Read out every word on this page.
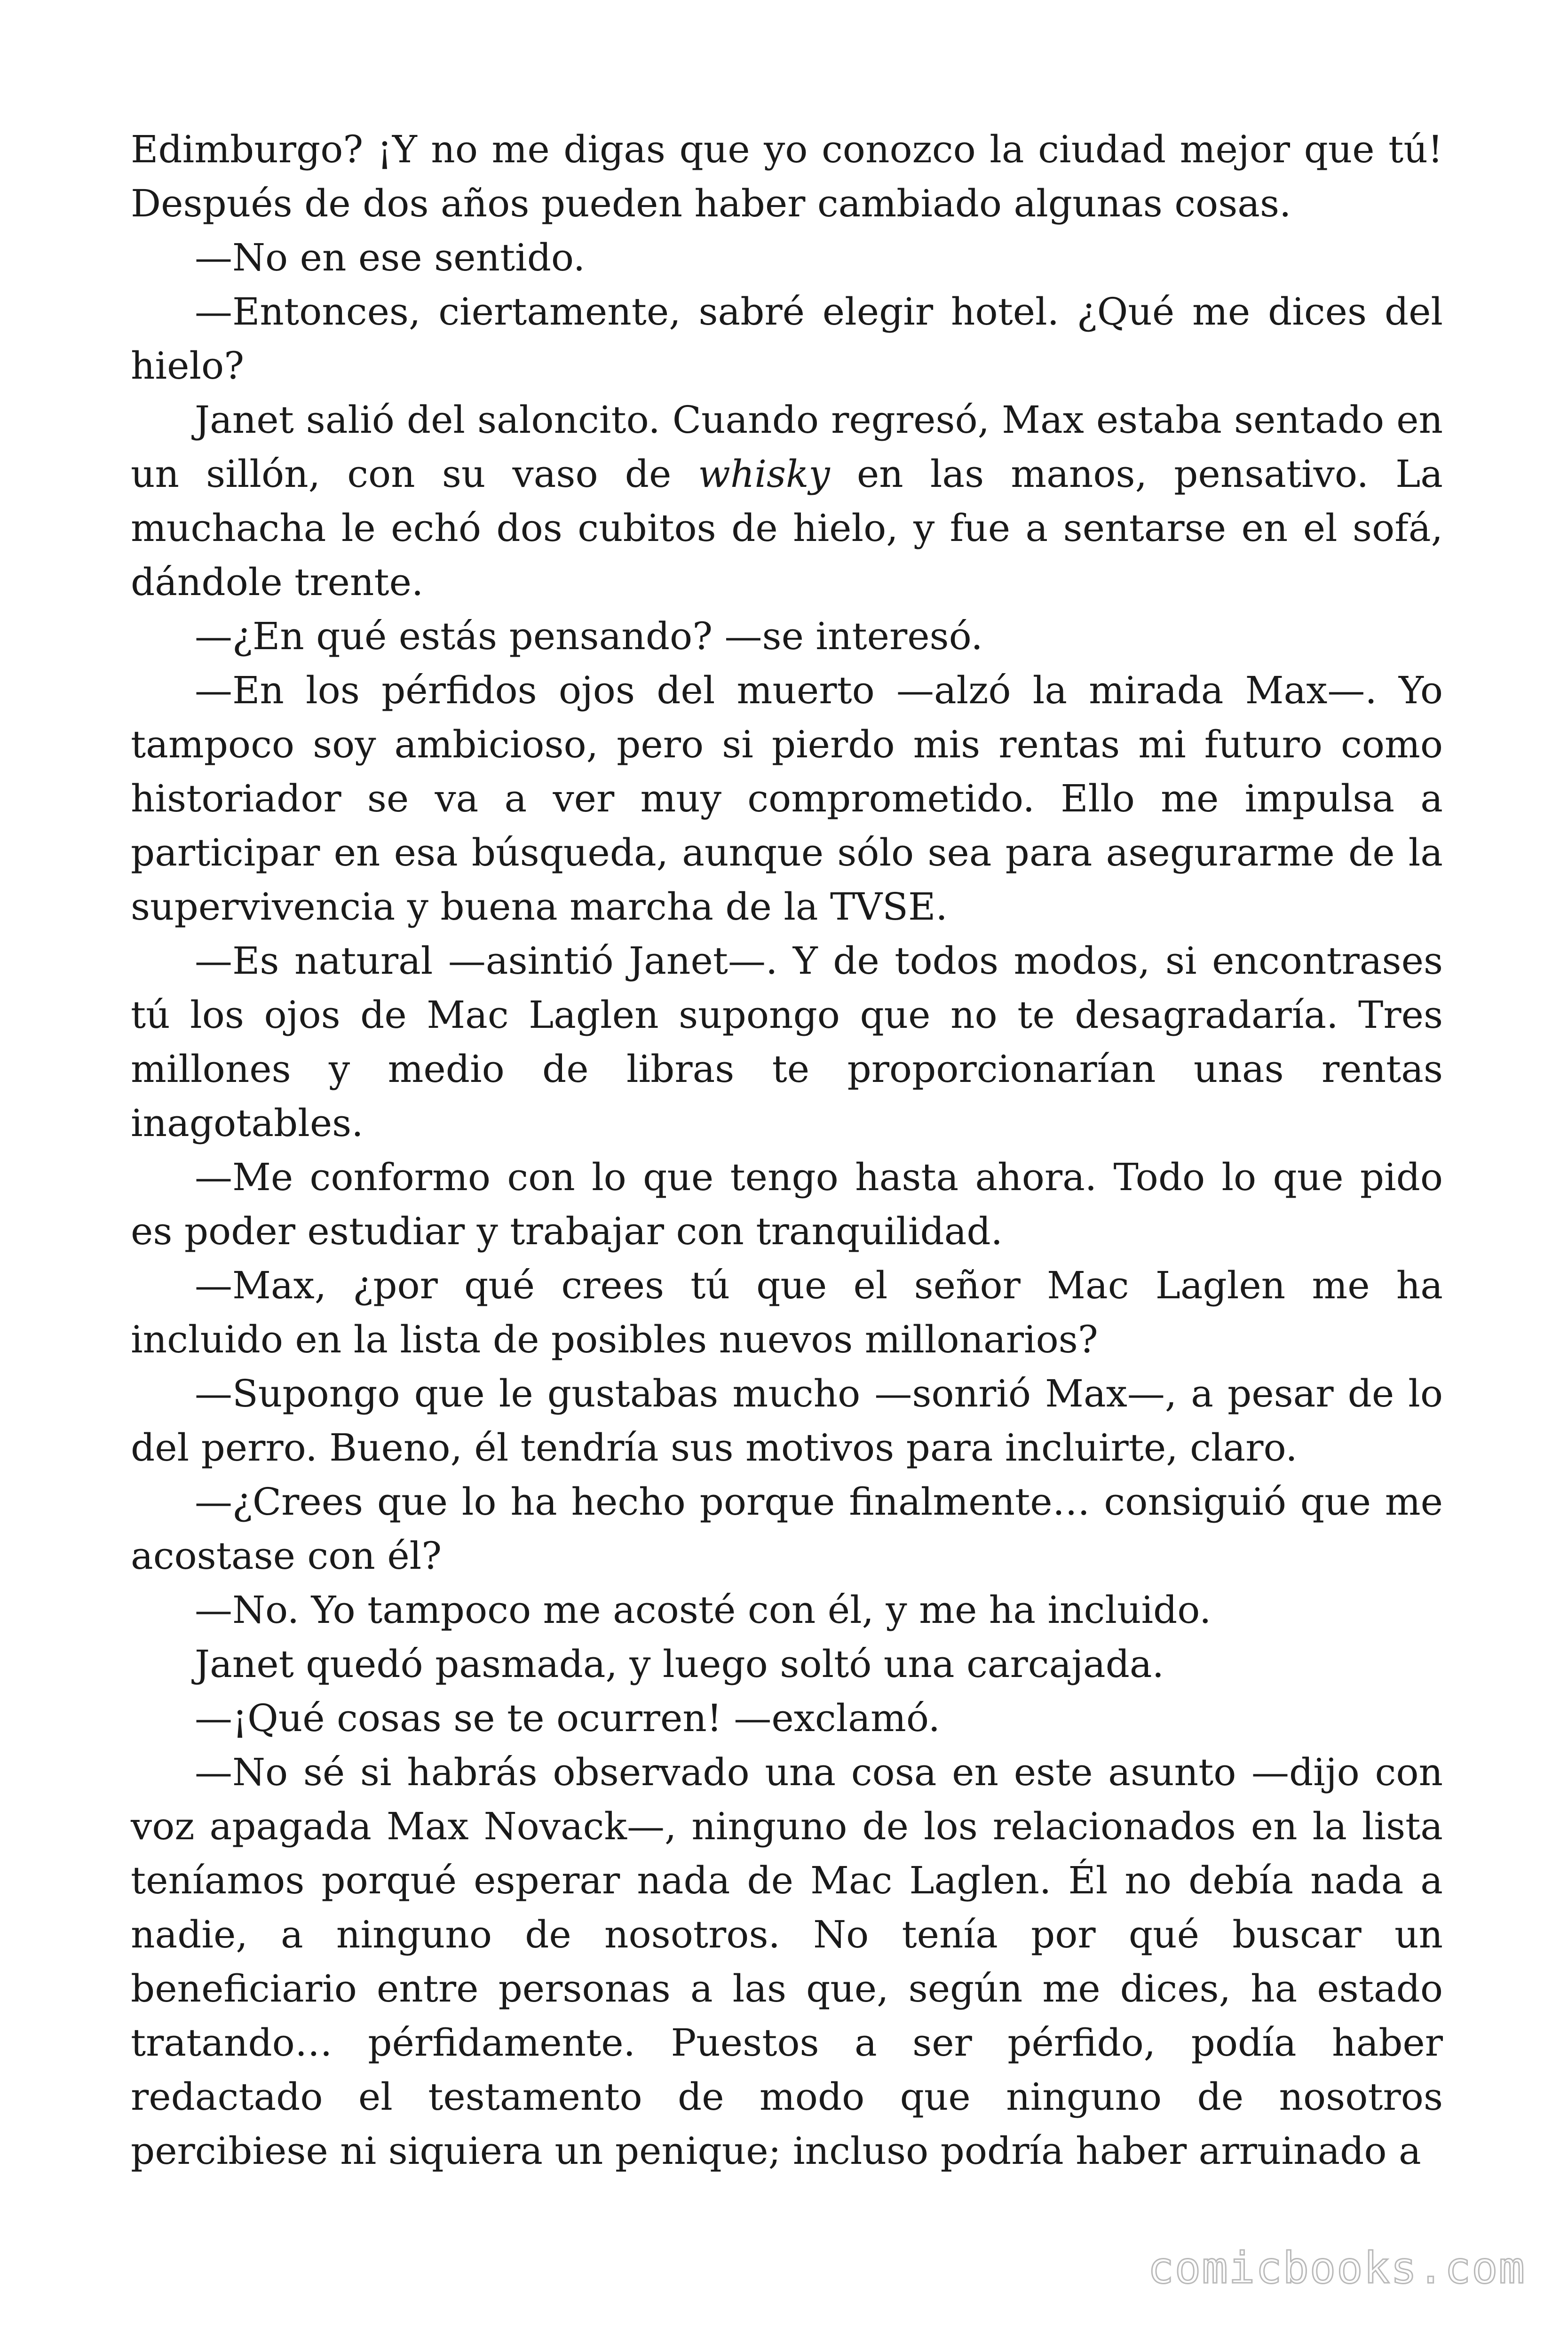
Edimburgo? ¡Y no me digas que yo conozco la ciudad mejor que tú! Después de dos años pueden haber cambiado algunas cosas.

—No en ese sentido.

—Entonces, ciertamente, sabré elegir hotel. ¿Qué me dices del hielo?

Janet salió del saloncito. Cuando regresó, Max estaba sentado en un sillón, con su vaso de whisky en las manos, pensativo. La muchacha le echó dos cubitos de hielo, y fue a sentarse en el sofá, dándole trente.

—¿En qué estás pensando? —se interesó.

—En los pérfidos ojos del muerto —alzó la mirada Max—. Yo tampoco soy ambicioso, pero si pierdo mis rentas mi futuro como historiador se va a ver muy comprometido. Ello me impulsa a participar en esa búsqueda, aunque sólo sea para asegurarme de la supervivencia y buena marcha de la TVSE.

—Es natural —asintió Janet—. Y de todos modos, si encontrases tú los ojos de Mac Laglen supongo que no te desagradaría. Tres millones y medio de libras te proporcionarían unas rentas inagotables.

—Me conformo con lo que tengo hasta ahora. Todo lo que pido es poder estudiar y trabajar con tranquilidad.

—Max, ¿por qué crees tú que el señor Mac Laglen me ha incluido en la lista de posibles nuevos millonarios?

—Supongo que le gustabas mucho —sonrió Max—, a pesar de lo del perro. Bueno, él tendría sus motivos para incluirte, claro.

—¿Crees que lo ha hecho porque finalmente… consiguió que me acostase con él?

—No. Yo tampoco me acosté con él, y me ha incluido.

Janet quedó pasmada, y luego soltó una carcajada.

—¡Qué cosas se te ocurren! —exclamó.

—No sé si habrás observado una cosa en este asunto —dijo con voz apagada Max Novack—, ninguno de los relacionados en la lista teníamos porqué esperar nada de Mac Laglen. Él no debía nada a nadie, a ninguno de nosotros. No tenía por qué buscar un beneficiario entre personas a las que, según me dices, ha estado tratando… pérfidamente. Puestos a ser pérfido, podía haber redactado el testamento de modo que ninguno de nosotros percibiese ni siquiera un penique; incluso podría haber arruinado a

comicbooks.com
